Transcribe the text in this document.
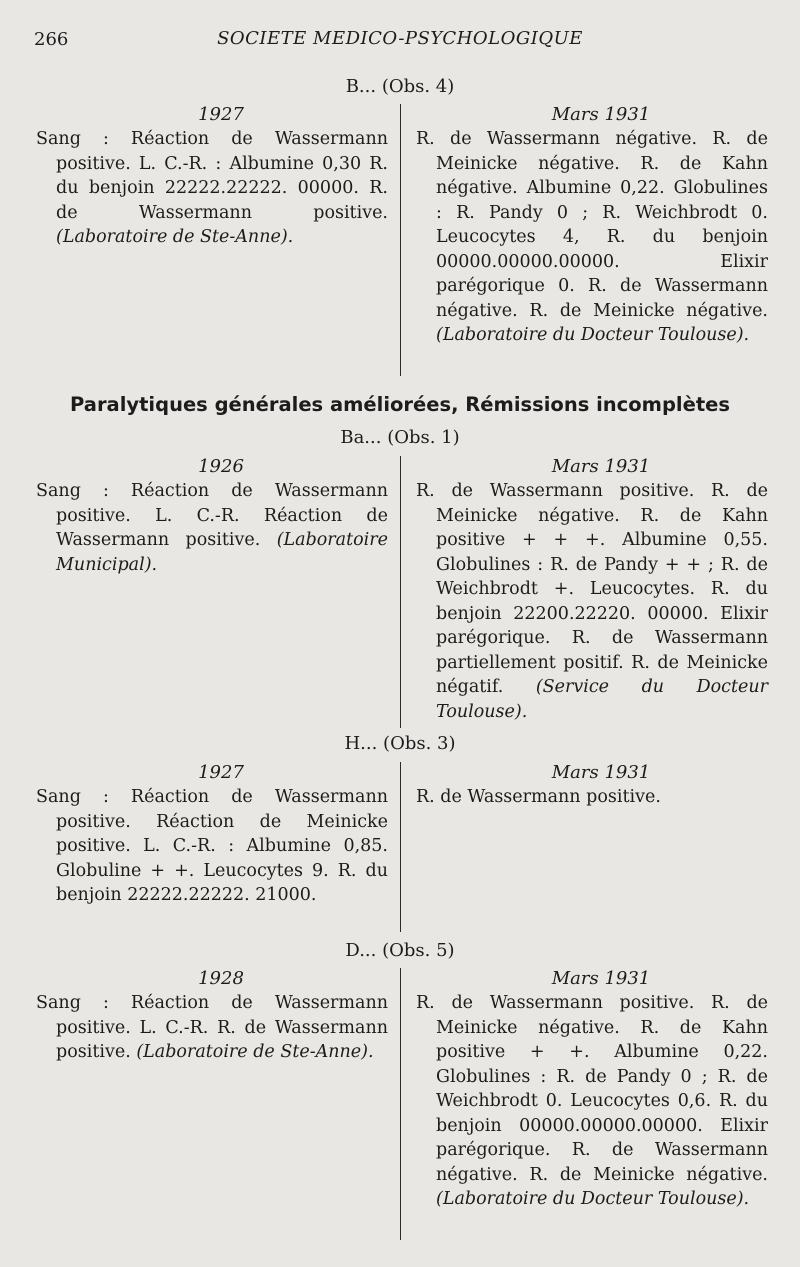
266	SOCIETE MEDICO-PSYCHOLOGIQUE
B... (Obs. 4)
1927
Sang : Réaction de Wassermann positive. L. C.-R. : Albumine 0,30 R. du benjoin 22222.22222. 00000. R. de Wassermann positive. (Laboratoire de Ste-Anne).
Mars 1931
R. de Wassermann négative. R. de Meinicke négative. R. de Kahn négative. Albumine 0,22. Globulines : R. Pandy 0 ; R. Weichbrodt 0. Leucocytes 4, R. du benjoin 00000.00000.00000. Elixir parégorique 0. R. de Wassermann négative. R. de Meinicke négative. (Laboratoire du Docteur Toulouse).
Paralytiques générales améliorées, Rémissions incomplètes
Ba... (Obs. 1)
1926
Sang : Réaction de Wassermann positive. L. C.-R. Réaction de Wassermann positive. (Laboratoire Municipal).
Mars 1931
R. de Wassermann positive. R. de Meinicke négative. R. de Kahn positive + + +. Albumine 0,55. Globulines : R. de Pandy + + ; R. de Weichbrodt +. Leucocytes. R. du benjoin 22200.22220. 00000. Elixir parégorique. R. de Wassermann partiellement positif. R. de Meinicke négatif. (Service du Docteur Toulouse).
H... (Obs. 3)
1927
Sang : Réaction de Wassermann positive. Réaction de Meinicke positive. L. C.-R. : Albumine 0,85. Globuline + +. Leucocytes 9. R. du benjoin 22222.22222. 21000.
Mars 1931
R. de Wassermann positive.
D... (Obs. 5)
1928
Sang : Réaction de Wassermann positive. L. C.-R. R. de Wassermann positive. (Laboratoire de Ste-Anne).
Mars 1931
R. de Wassermann positive. R. de Meinicke négative. R. de Kahn positive + +. Albumine 0,22. Globulines : R. de Pandy 0 ; R. de Weichbrodt 0. Leucocytes 0,6. R. du benjoin 00000.00000.00000. Elixir parégorique. R. de Wassermann négative. R. de Meinicke négative. (Laboratoire du Docteur Toulouse).
